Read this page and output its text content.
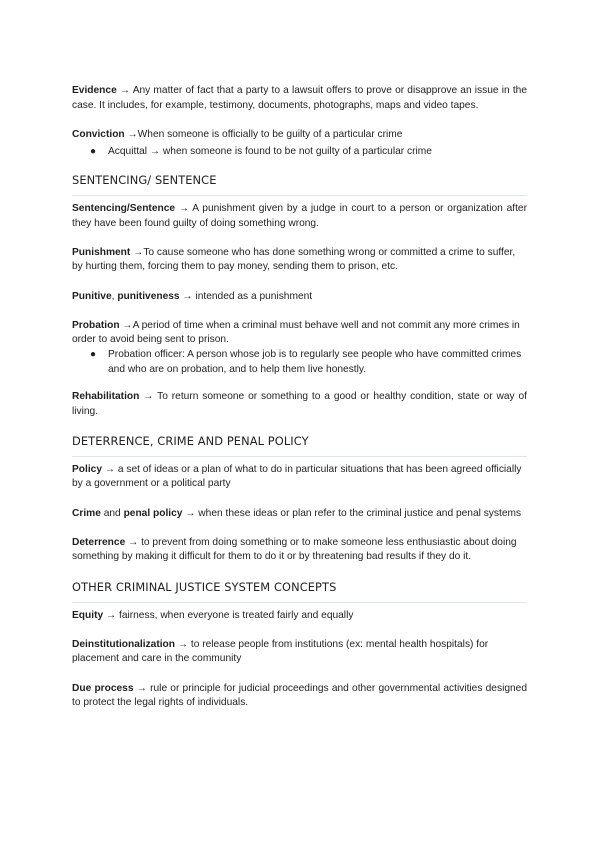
Evidence → Any matter of fact that a party to a lawsuit offers to prove or disapprove an issue in the case. It includes, for example, testimony, documents, photographs, maps and video tapes.

Conviction →When someone is officially to be guilty of a particular crime

● Acquittal → when someone is found to be not guilty of a particular crime
SENTENCING/ SENTENCE

Sentencing/Sentence → A punishment given by a judge in court to a person or organization after they have been found guilty of doing something wrong.

Punishment →To cause someone who has done something wrong or committed a crime to suffer, by hurting them, forcing them to pay money, sending them to prison, etc.

Punitive, punitiveness → intended as a punishment

Probation →A period of time when a criminal must behave well and not commit any more crimes in order to avoid being sent to prison.

● Probation officer: A person whose job is to regularly see people who have committed crimes and who are on probation, and to help them live honestly.

Rehabilitation → To return someone or something to a good or healthy condition, state or way of living.

DETERRENCE, CRIME AND PENAL POLICY

Policy → a set of ideas or a plan of what to do in particular situations that has been agreed officially by a government or a political party

Crime and penal policy → when these ideas or plan refer to the criminal justice and penal systems

Deterrence → to prevent from doing something or to make someone less enthusiastic about doing something by making it difficult for them to do it or by threatening bad results if they do it.

OTHER CRIMINAL JUSTICE SYSTEM CONCEPTS

Equity → fairness, when everyone is treated fairly and equally

Deinstitutionalization → to release people from institutions (ex: mental health hospitals) for placement and care in the community

Due process → rule or principle for judicial proceedings and other governmental activities designed to protect the legal rights of individuals.
